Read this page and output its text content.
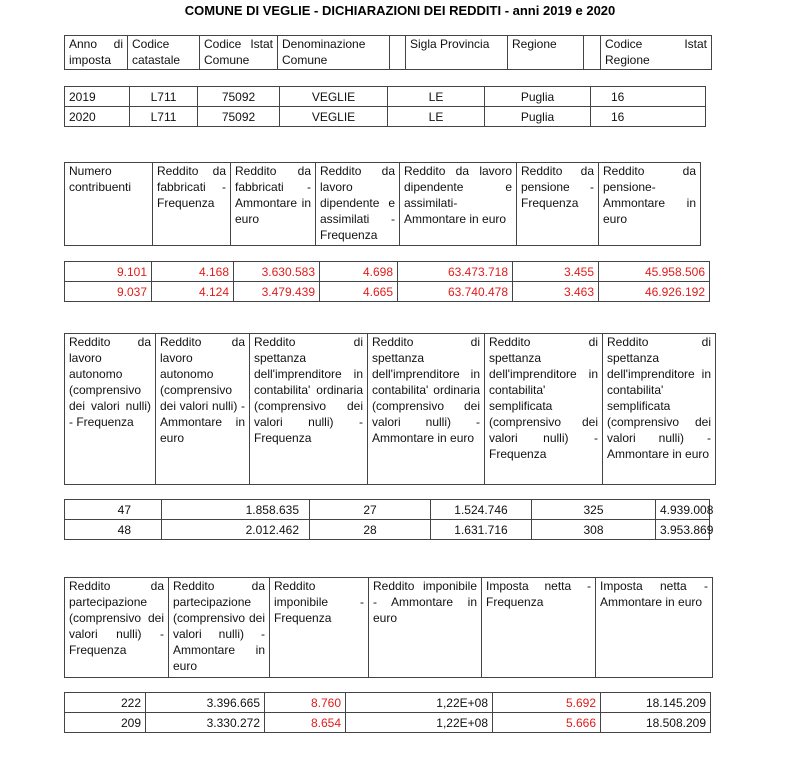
COMUNE DI VEGLIE - DICHIARAZIONI DEI REDDITI - anni 2019 e 2020
Anno di imposta	Codice catastale	Codice Istat Comune	Denominazione Comune		Sigla Provincia	Regione		Codice Istat Regione
2019	L711	75092	VEGLIE	LE	Puglia	16
2020	L711	75092	VEGLIE	LE	Puglia	16
Numero contribuenti	Reddito da fabbricati - Frequenza	Reddito da fabbricati - Ammontare in euro	Reddito da lavoro dipendente e assimilati - Frequenza	Reddito da lavoro dipendente e assimilati- Ammontare in euro	Reddito da pensione - Frequenza	Reddito da pensione- Ammontare in euro
9.101	4.168	3.630.583	4.698	63.473.718	3.455	45.958.506
9.037	4.124	3.479.439	4.665	63.740.478	3.463	46.926.192
Reddito da lavoro autonomo (comprensivo dei valori nulli) - Frequenza	Reddito da lavoro autonomo (comprensivo dei valori nulli) - Ammontare in euro	Reddito di spettanza dell'imprenditore in contabilita' ordinaria (comprensivo dei valori nulli) - Frequenza	Reddito di spettanza dell'imprenditore in contabilita' ordinaria (comprensivo dei valori nulli) - Ammontare in euro	Reddito di spettanza dell'imprenditore in contabilita' semplificata (comprensivo dei valori nulli) - Frequenza	Reddito di spettanza dell'imprenditore in contabilita' semplificata (comprensivo dei valori nulli) - Ammontare in euro
47	1.858.635	27	1.524.746	325	4.939.008
48	2.012.462	28	1.631.716	308	3.953.869
Reddito da partecipazione (comprensivo dei valori nulli) - Frequenza	Reddito da partecipazione (comprensivo dei valori nulli) - Ammontare in euro	Reddito imponibile - Frequenza	Reddito imponibile - Ammontare in euro	Imposta netta - Frequenza	Imposta netta - Ammontare in euro
222	3.396.665	8.760	1,22E+08	5.692	18.145.209
209	3.330.272	8.654	1,22E+08	5.666	18.508.209
